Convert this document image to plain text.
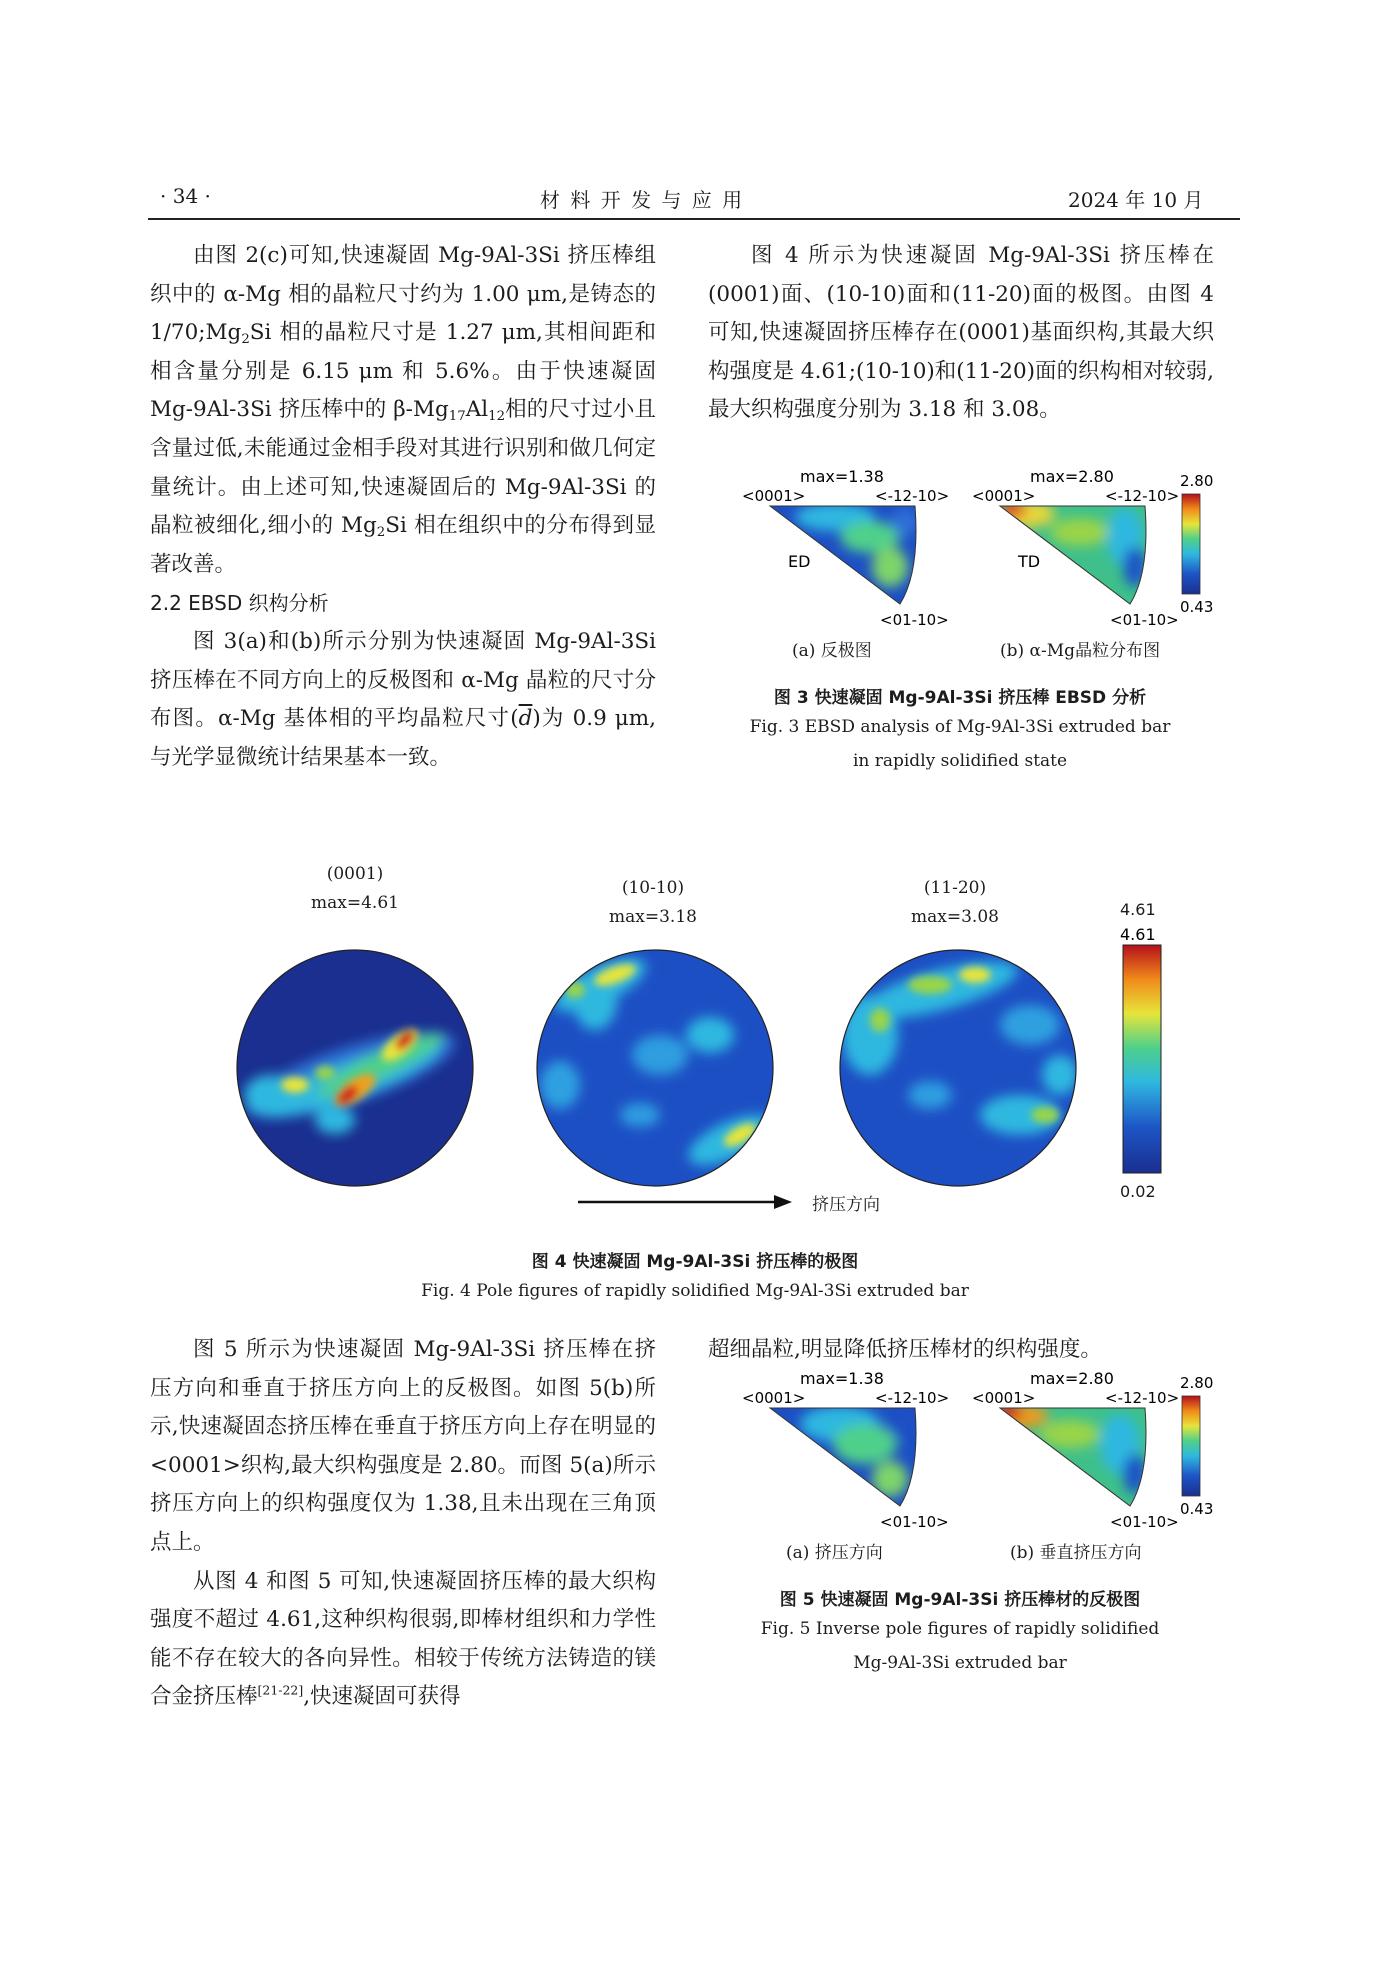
· 34 ·	材 料 开 发 与 应 用	2024 年 10 月

由图 2(c)可知,快速凝固 Mg-9Al-3Si 挤压棒组织中的 α-Mg 相的晶粒尺寸约为 1.00 μm,是铸态的 $1/70;Mg_2Si$ 相的晶粒尺寸是 1.27 μm,其相间距和相含量分别是 6.15 μm 和 5.6%。由于快速凝固 Mg-9Al-3Si 挤压棒中的 $\beta-Mg_{17}Al_{12}$相的尺寸过小且含量过低,未能通过金相手段对其进行识别和做几何定量统计。由上述可知,快速凝固后的 Mg-9Al-3Si 的晶粒被细化,细小的 $Mg_2Si$ 相在组织中的分布得到显著改善。

2.2 EBSD 织构分析

图 3(a)和(b)所示分别为快速凝固 Mg-9Al-3Si 挤压棒在不同方向上的反极图和 α-Mg 晶粒的尺寸分布图。α-Mg 基体相的平均晶粒尺寸$(\overline{d})$为 0.9 μm,与光学显微统计结果基本一致。

图 4 所示为快速凝固 Mg-9Al-3Si 挤压棒在(0001)面、(10-10)面和(11-20)面的极图。由图 4 可知,快速凝固挤压棒存在(0001)基面织构,其最大织构强度是 4.61;(10-10)和(11-20)面的织构相对较弱,最大织构强度分别为 3.18 和 3.08。

max=1.38
<0001>	<-12-10>
ED
<01-10>
max=2.80
<0001>	<-12-10>
TD
<01-10>
2.80
0.43
(a) 反极图	(b) α-Mg晶粒分布图
图 3 快速凝固 Mg-9Al-3Si 挤压棒 EBSD 分析
Fig. 3 EBSD analysis of Mg-9Al-3Si extruded bar
in rapidly solidified state
(0001)
max=4.61
(10-10)
max=3.18
(11-20)
max=3.08
4.61
4.61
0.02
挤压方向
图 4 快速凝固 Mg-9Al-3Si 挤压棒的极图
Fig. 4 Pole figures of rapidly solidified Mg-9Al-3Si extruded bar

图 5 所示为快速凝固 Mg-9Al-3Si 挤压棒在挤压方向和垂直于挤压方向上的反极图。如图 5(b)所示,快速凝固态挤压棒在垂直于挤压方向上存在明显的<0001>织构,最大织构强度是 2.80。而图 5(a)所示挤压方向上的织构强度仅为 1.38,且未出现在三角顶点上。

从图 4 和图 5 可知,快速凝固挤压棒的最大织构强度不超过 4.61,这种织构很弱,即棒材组织和力学性能不存在较大的各向异性。相较于传统方法铸造的镁合金挤压棒[21-22],快速凝固可获得

超细晶粒,明显降低挤压棒材的织构强度。

max=1.38
<0001>	<-12-10>
<01-10>
max=2.80
<0001>	<-12-10>
<01-10>
2.80
0.43
(a) 挤压方向	(b) 垂直挤压方向
图 5 快速凝固 Mg-9Al-3Si 挤压棒材的反极图
Fig. 5 Inverse pole figures of rapidly solidified
Mg-9Al-3Si extruded bar
